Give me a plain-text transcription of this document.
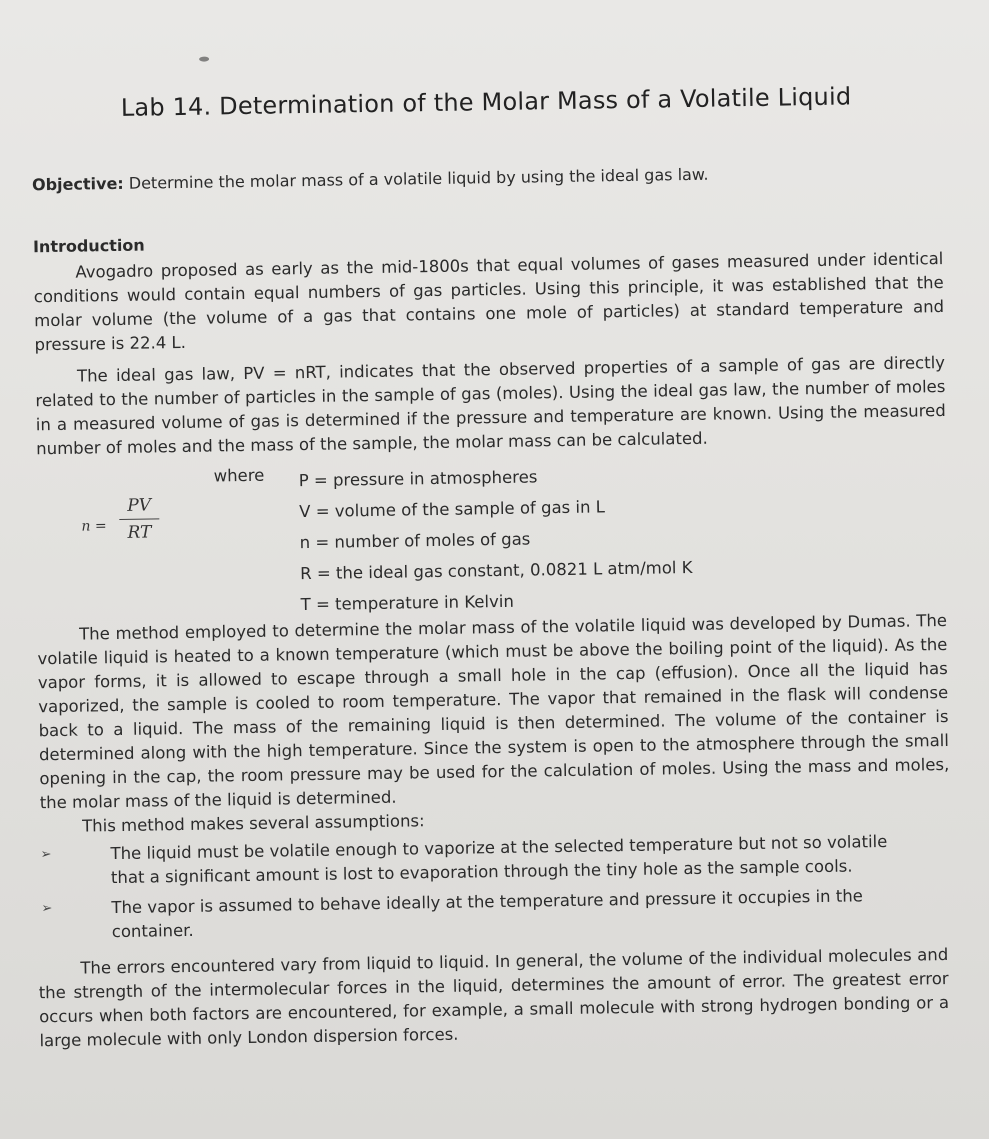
Lab 14. Determination of the Molar Mass of a Volatile Liquid
Objective: Determine the molar mass of a volatile liquid by using the ideal gas law.
Introduction
Avogadro proposed as early as the mid-1800s that equal volumes of gases measured under identical conditions would contain equal numbers of gas particles. Using this principle, it was established that the molar volume (the volume of a gas that contains one mole of particles) at standard temperature and pressure is 22.4 L.
The ideal gas law, PV = nRT, indicates that the observed properties of a sample of gas are directly related to the number of particles in the sample of gas (moles). Using the ideal gas law, the number of moles in a measured volume of gas is determined if the pressure and temperature are known. Using the measured number of moles and the mass of the sample, the molar mass can be calculated.
where
n =
PV
RT
P = pressure in atmospheres
V = volume of the sample of gas in L
n = number of moles of gas
R = the ideal gas constant, 0.0821 L atm/mol K
T = temperature in Kelvin
The method employed to determine the molar mass of the volatile liquid was developed by Dumas. The volatile liquid is heated to a known temperature (which must be above the boiling point of the liquid). As the vapor forms, it is allowed to escape through a small hole in the cap (effusion). Once all the liquid has vaporized, the sample is cooled to room temperature. The vapor that remained in the flask will condense back to a liquid. The mass of the remaining liquid is then determined. The volume of the container is determined along with the high temperature. Since the system is open to the atmosphere through the small opening in the cap, the room pressure may be used for the calculation of moles. Using the mass and moles, the molar mass of the liquid is determined.
This method makes several assumptions:
➢	The liquid must be volatile enough to vaporize at the selected temperature but not so volatile that a significant amount is lost to evaporation through the tiny hole as the sample cools.
➢	The vapor is assumed to behave ideally at the temperature and pressure it occupies in the container.
The errors encountered vary from liquid to liquid. In general, the volume of the individual molecules and the strength of the intermolecular forces in the liquid, determines the amount of error. The greatest error occurs when both factors are encountered, for example, a small molecule with strong hydrogen bonding or a large molecule with only London dispersion forces.
